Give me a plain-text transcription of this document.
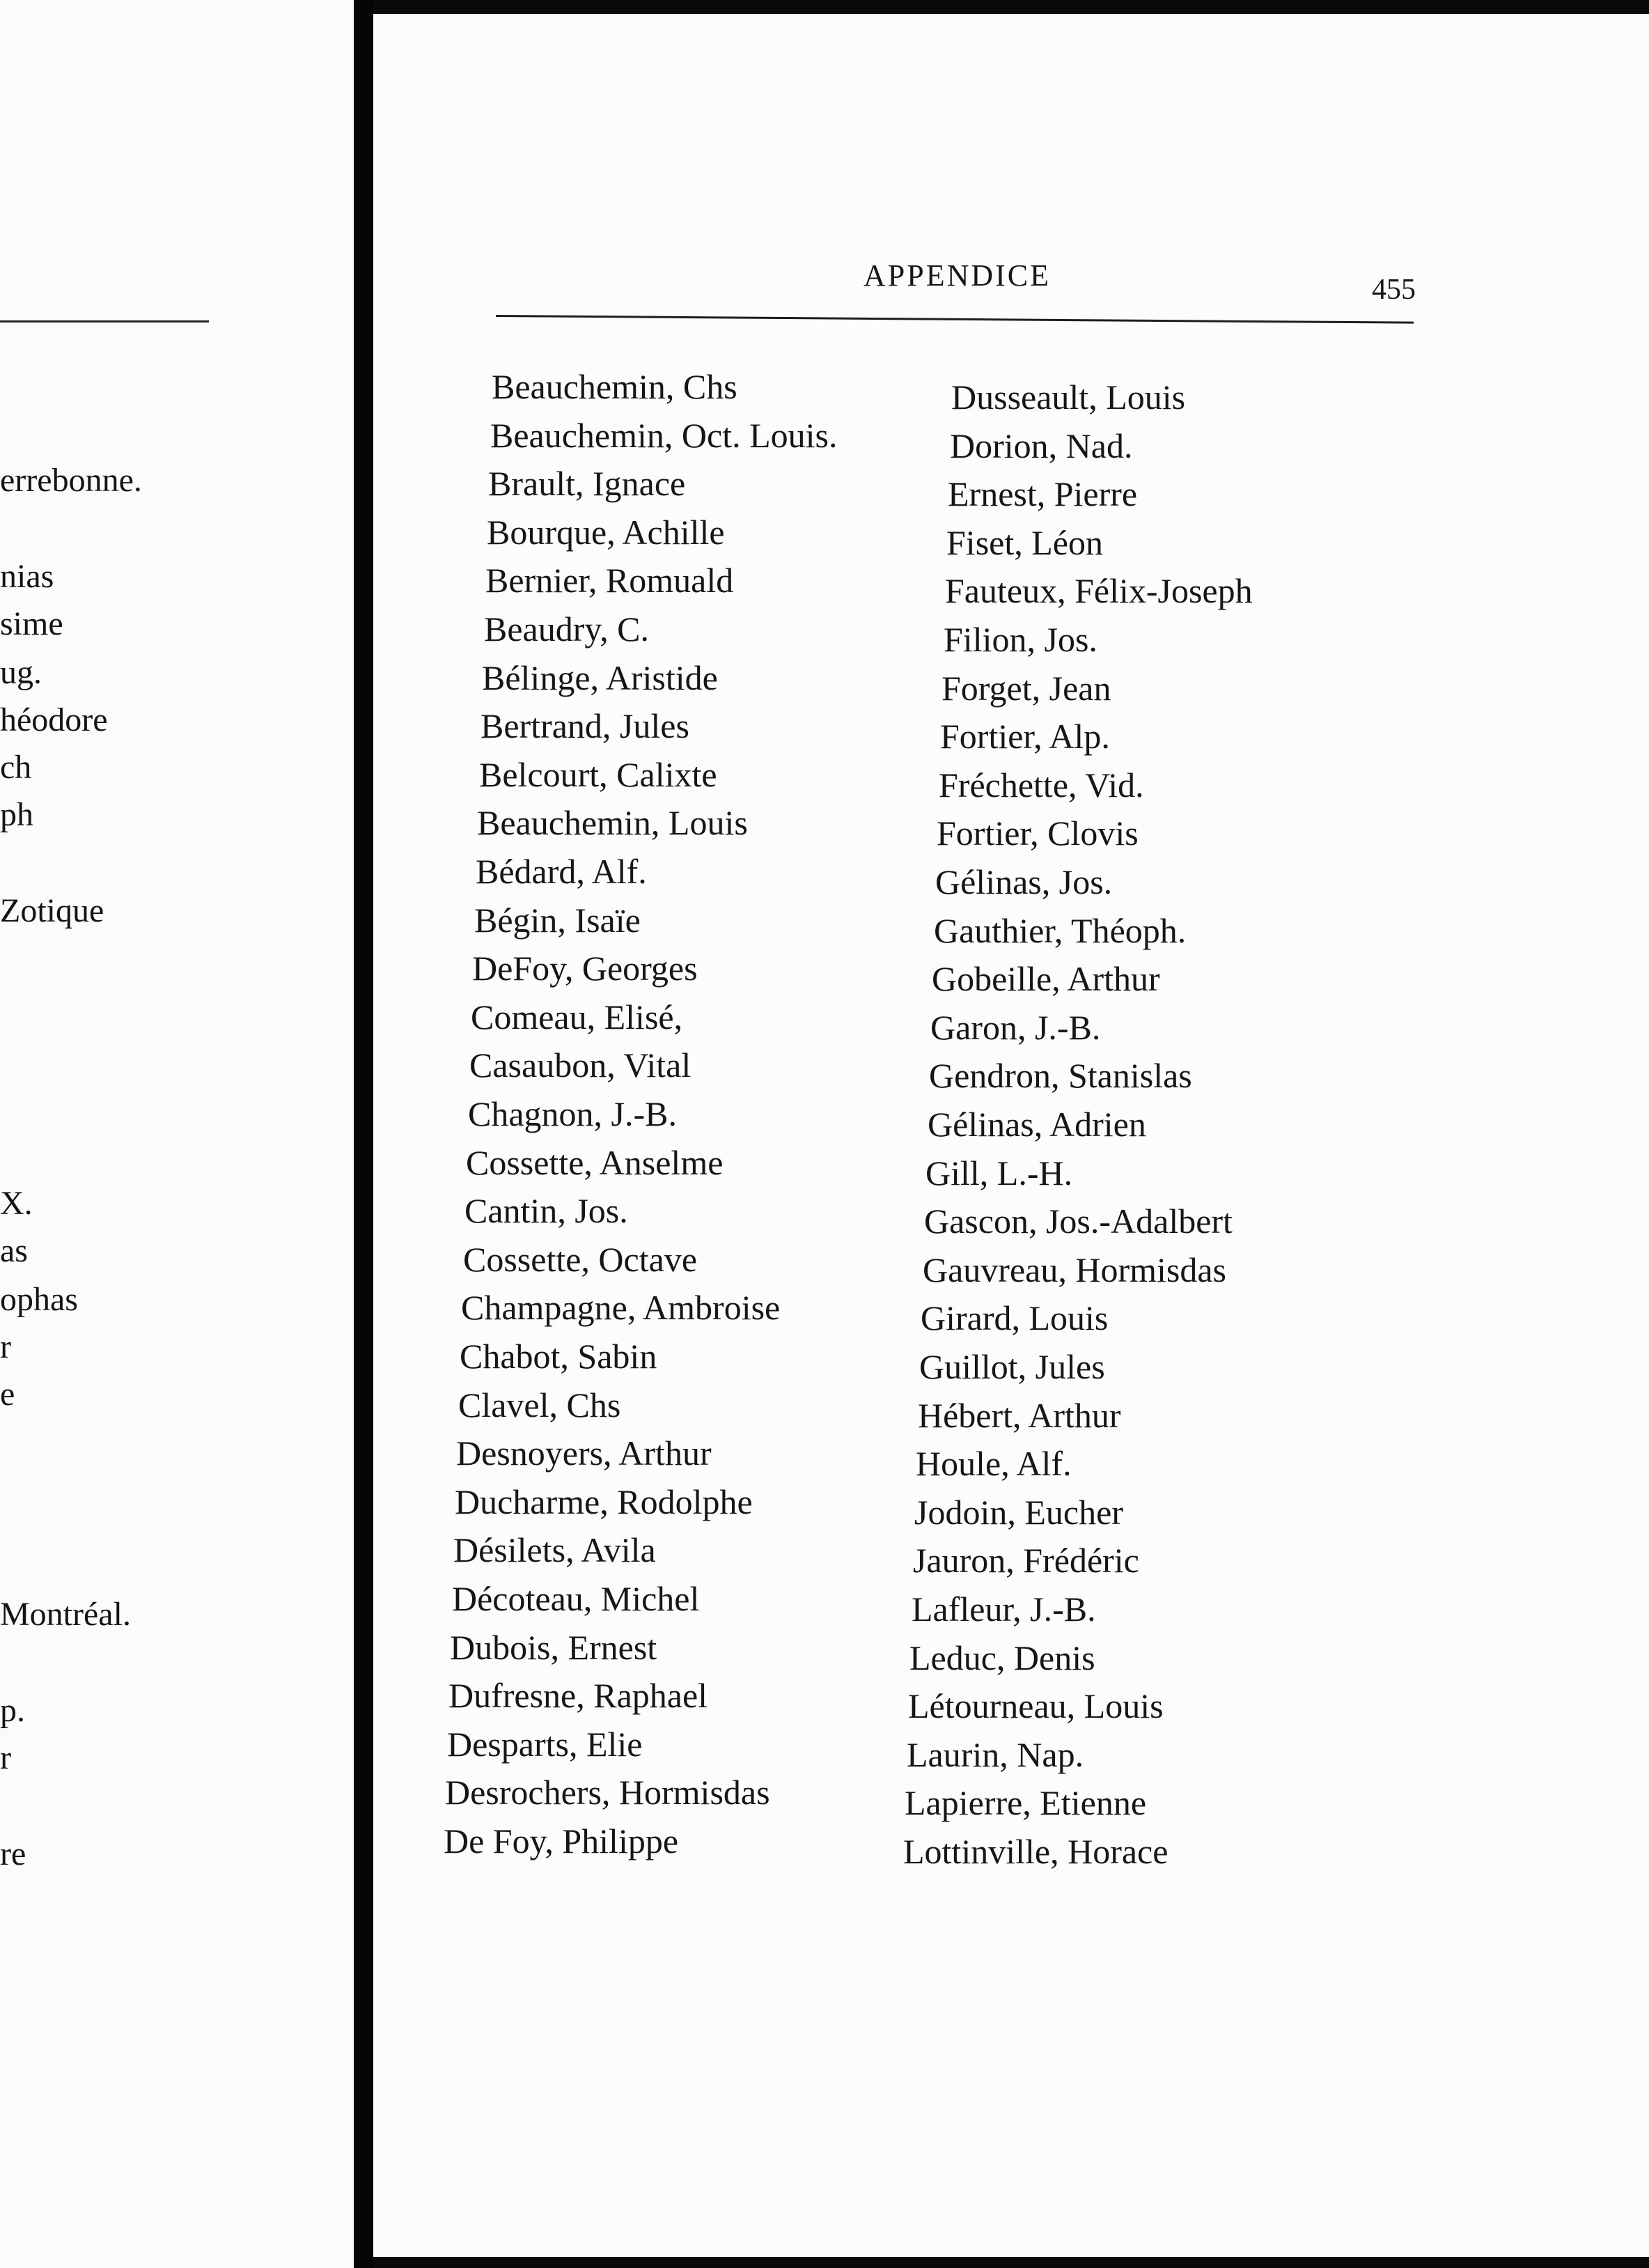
errebonne.
nias
sime
ug.
héodore
ch
ph
Zotique
X.
as
ophas
r
e
Montréal.
p.
r
re
APPENDICE	455
Beauchemin, Chs
Beauchemin, Oct. Louis.
Brault, Ignace
Bourque, Achille
Bernier, Romuald
Beaudry, C.
Bélinge, Aristide
Bertrand, Jules
Belcourt, Calixte
Beauchemin, Louis
Bédard, Alf.
Bégin, Isaïe
DeFoy, Georges
Comeau, Elisé,
Casaubon, Vital
Chagnon, J.-B.
Cossette, Anselme
Cantin, Jos.
Cossette, Octave
Champagne, Ambroise
Chabot, Sabin
Clavel, Chs
Desnoyers, Arthur
Ducharme, Rodolphe
Désilets, Avila
Décoteau, Michel
Dubois, Ernest
Dufresne, Raphael
Desparts, Elie
Desrochers, Hormisdas
De Foy, Philippe
Dusseault, Louis
Dorion, Nad.
Ernest, Pierre
Fiset, Léon
Fauteux, Félix-Joseph
Filion, Jos.
Forget, Jean
Fortier, Alp.
Fréchette, Vid.
Fortier, Clovis
Gélinas, Jos.
Gauthier, Théoph.
Gobeille, Arthur
Garon, J.-B.
Gendron, Stanislas
Gélinas, Adrien
Gill, L.-H.
Gascon, Jos.-Adalbert
Gauvreau, Hormisdas
Girard, Louis
Guillot, Jules
Hébert, Arthur
Houle, Alf.
Jodoin, Eucher
Jauron, Frédéric
Lafleur, J.-B.
Leduc, Denis
Létourneau, Louis
Laurin, Nap.
Lapierre, Etienne
Lottinville, Horace
